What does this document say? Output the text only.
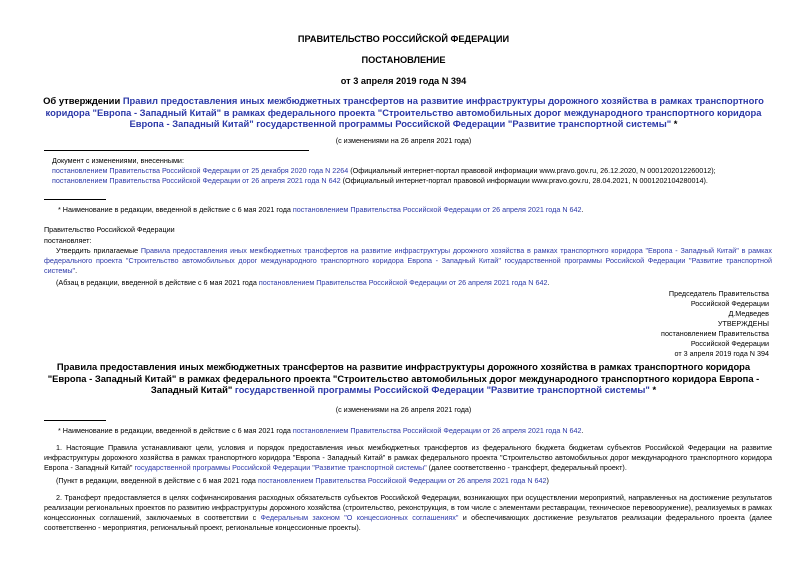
ПРАВИТЕЛЬСТВО РОССИЙСКОЙ ФЕДЕРАЦИИ
ПОСТАНОВЛЕНИЕ
от 3 апреля 2019 года N 394
Об утверждении Правил предоставления иных межбюджетных трансфертов на развитие инфраструктуры дорожного хозяйства в рамках транспортного коридора "Европа - Западный Китай" в рамках федерального проекта "Строительство автомобильных дорог международного транспортного коридора Европа - Западный Китай" государственной программы Российской Федерации "Развитие транспортной системы" *
(с изменениями на 26 апреля 2021 года)
Документ с изменениями, внесенными:
постановлением Правительства Российской Федерации от 25 декабря 2020 года N 2264 (Официальный интернет-портал правовой информации www.pravo.gov.ru, 26.12.2020, N 0001202012260012);
постановлением Правительства Российской Федерации от 26 апреля 2021 года N 642 (Официальный интернет-портал правовой информации www.pravo.gov.ru, 28.04.2021, N 0001202104280014).
* Наименование в редакции, введенной в действие с 6 мая 2021 года постановлением Правительства Российской Федерации от 26 апреля 2021 года N 642.
Правительство Российской Федерации
постановляет:
Утвердить прилагаемые Правила предоставления иных межбюджетных трансфертов на развитие инфраструктуры дорожного хозяйства в рамках транспортного коридора "Европа - Западный Китай" в рамках федерального проекта "Строительство автомобильных дорог международного транспортного коридора Европа - Западный Китай" государственной программы Российской Федерации "Развитие транспортной системы".
(Абзац в редакции, введенной в действие с 6 мая 2021 года постановлением Правительства Российской Федерации от 26 апреля 2021 года N 642.
Председатель Правительства
Российской Федерации
Д.Медведев
УТВЕРЖДЕНЫ
постановлением Правительства
Российской Федерации
от 3 апреля 2019 года N 394
Правила предоставления иных межбюджетных трансфертов на развитие инфраструктуры дорожного хозяйства в рамках транспортного коридора "Европа - Западный Китай" в рамках федерального проекта "Строительство автомобильных дорог международного транспортного коридора Европа - Западный Китай" государственной программы Российской Федерации "Развитие транспортной системы" *
(с изменениями на 26 апреля 2021 года)
* Наименование в редакции, введенной в действие с 6 мая 2021 года постановлением Правительства Российской Федерации от 26 апреля 2021 года N 642.
1. Настоящие Правила устанавливают цели, условия и порядок предоставления иных межбюджетных трансфертов из федерального бюджета бюджетам субъектов Российской Федерации на развитие инфраструктуры дорожного хозяйства в рамках транспортного коридора "Европа - Западный Китай" в рамках федерального проекта "Строительство автомобильных дорог международного транспортного коридора Европа - Западный Китай" государственной программы Российской Федерации "Развитие транспортной системы" (далее соответственно - трансферт, федеральный проект).
(Пункт в редакции, введенной в действие с 6 мая 2021 года постановлением Правительства Российской Федерации от 26 апреля 2021 года N 642)
2. Трансферт предоставляется в целях софинансирования расходных обязательств субъектов Российской Федерации, возникающих при осуществлении мероприятий, направленных на достижение результатов реализации региональных проектов по развитию инфраструктуры дорожного хозяйства (строительство, реконструкция, в том числе с элементами реставрации, техническое перевооружение), реализуемых в рамках концессионных соглашений, заключаемых в соответствии с Федеральным законом "О концессионных соглашениях" и обеспечивающих достижение результатов реализации федерального проекта (далее соответственно - мероприятия, региональный проект, региональные концессионные проекты).
